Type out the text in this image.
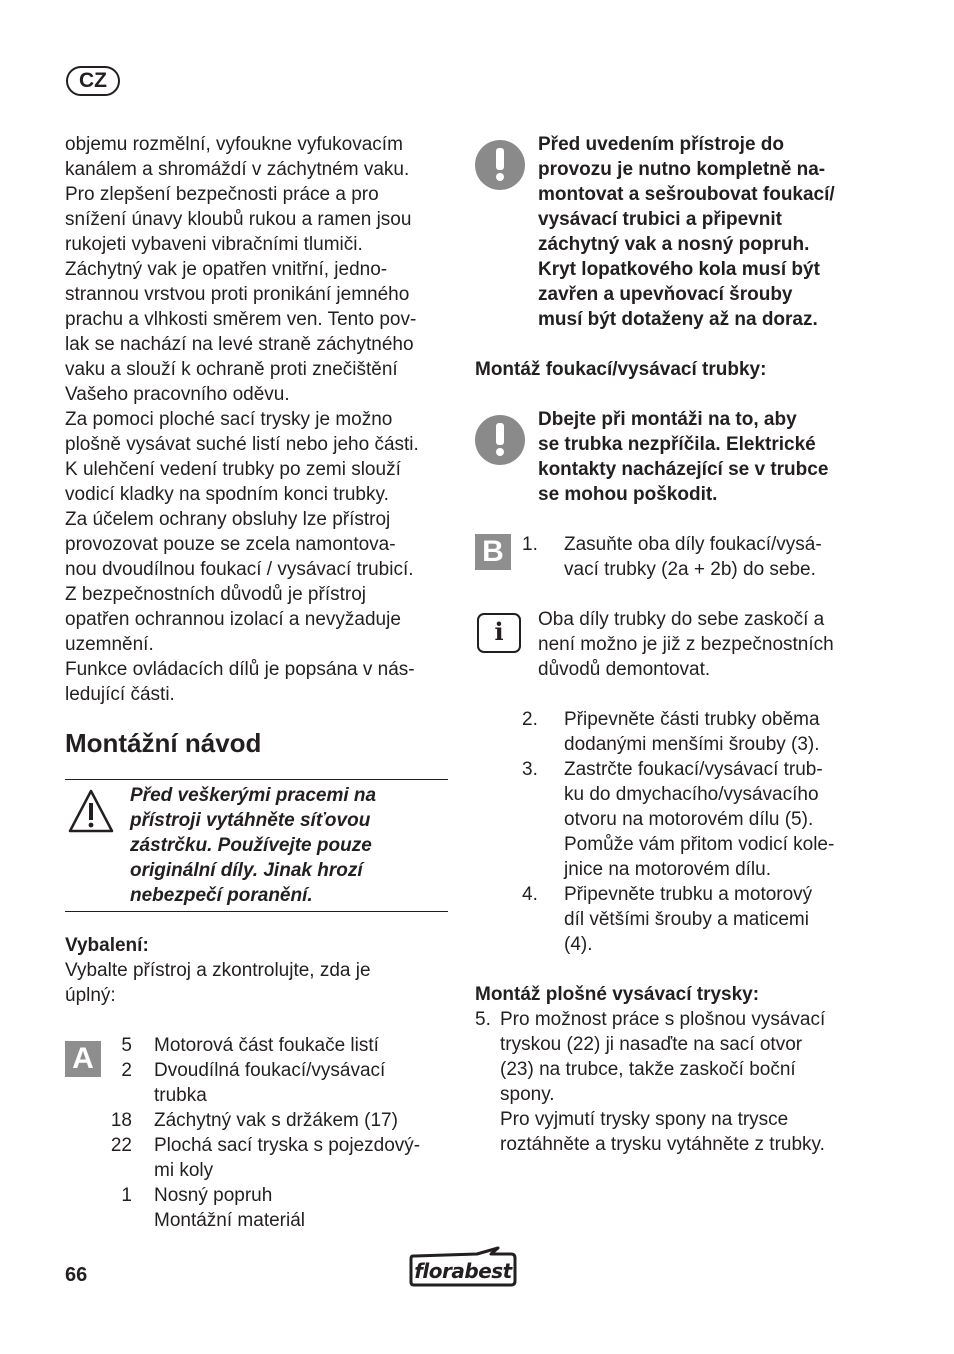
CZ
objemu rozmělní, vyfoukne vyfukovacím
kanálem a shromáždí v záchytném vaku.
Pro zlepšení bezpečnosti práce a pro
snížení únavy kloubů rukou a ramen jsou
rukojeti vybaveni vibračními tlumiči.
Záchytný vak je opatřen vnitřní, jedno-
strannou vrstvou proti pronikání jemného
prachu a vlhkosti směrem ven. Tento pov-
lak se nachází na levé straně záchytného
vaku a slouží k ochraně proti znečištění
Vašeho pracovního oděvu.
Za pomoci ploché sací trysky je možno
plošně vysávat suché listí nebo jeho části.
K ulehčení vedení trubky po zemi slouží
vodicí kladky na spodním konci trubky.
Za účelem ochrany obsluhy lze přístroj
provozovat pouze se zcela namontova-
nou dvoudílnou foukací / vysávací trubicí.
Z bezpečnostních důvodů je přístroj
opatřen ochrannou izolací a nevyžaduje
uzemnění.
Funkce ovládacích dílů je popsána v nás-
ledující části.
Montážní návod
Před veškerými pracemi na
přístroji vytáhněte síťovou
zástrčku. Používejte pouze
originální díly. Jinak hrozí
nebezpečí poranění.
Vybalení:
Vybalte přístroj a zkontrolujte, zda je
úplný:
A	5 Motorová část foukače listí
2 Dvoudílná foukací/vysávací
trubka
18 Záchytný vak s držákem (17)
22 Plochá sací tryska s pojezdový-
mi koly
1 Nosný popruh
Montážní materiál
Před uvedením přístroje do
provozu je nutno kompletně na-
montovat a sešroubovat foukací/
vysávací trubici a připevnit
záchytný vak a nosný popruh.
Kryt lopatkového kola musí být
zavřen a upevňovací šrouby
musí být dotaženy až na doraz.
Montáž foukací/vysávací trubky:
Dbejte při montáži na to, aby
se trubka nezpříčila. Elektrické
kontakty nacházející se v trubce
se mohou poškodit.
B 1.	Zasuňte oba díly foukací/vysá-
vací trubky (2a + 2b) do sebe.
i	Oba díly trubky do sebe zaskočí a
není možno je již z bezpečnostních
důvodů demontovat.
2.	Připevněte části trubky oběma
dodanými menšími šrouby (3).
3.	Zastrčte foukací/vysávací trub-
ku do dmychacího/vysávacího
otvoru na motorovém dílu (5).
Pomůže vám přitom vodicí kole-
jnice na motorovém dílu.
4.	Připevněte trubku a motorový
díl většími šrouby a maticemi
(4).
Montáž plošné vysávací trysky:
5. Pro možnost práce s plošnou vysávací
tryskou (22) ji nasaďte na sací otvor
(23) na trubce, takže zaskočí boční
spony.
Pro vyjmutí trysky spony na trysce
roztáhněte a trysku vytáhněte z trubky.
66	florabest
